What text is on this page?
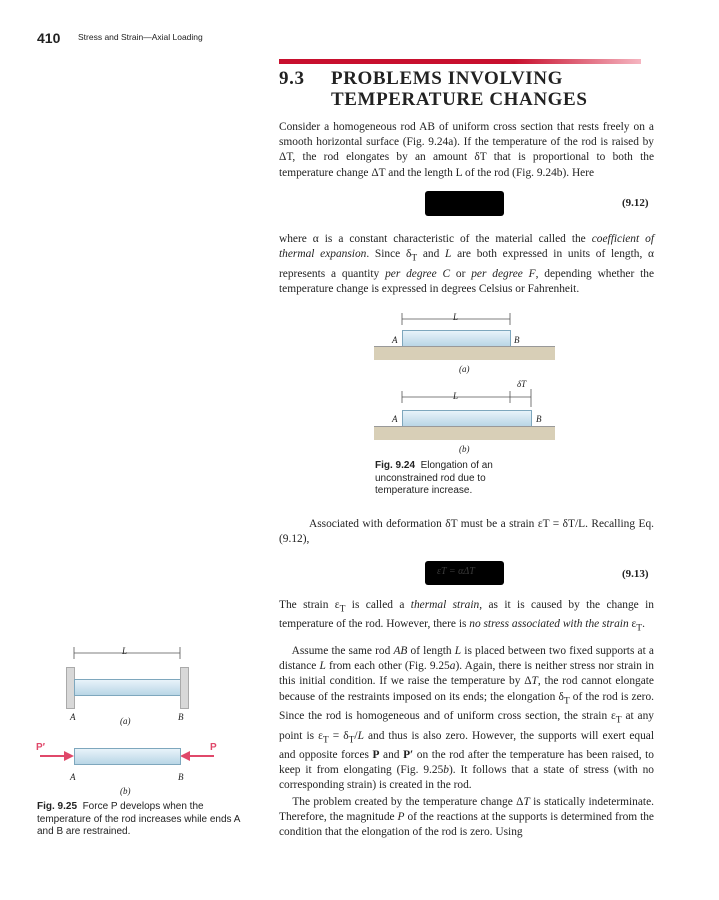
410 Stress and Strain—Axial Loading
9.3 PROBLEMS INVOLVING
TEMPERATURE CHANGES
Consider a homogeneous rod AB of uniform cross section that rests freely on a smooth horizontal surface (Fig. 9.24a). If the temperature of the rod is raised by ΔT, the rod elongates by an amount δT that is proportional to both the temperature change ΔT and the length L of the rod (Fig. 9.24b). Here
(9.12)
where α is a constant characteristic of the material called the coefficient of thermal expansion. Since $\delta_T$ and L are both expressed in units of length, α represents a quantity per degree C or per degree F, depending whether the temperature change is expressed in degrees Celsius or Fahrenheit.
L
A	B
(a)
δT
L
A	B
(b)
Fig. 9.24 Elongation of an unconstrained rod due to temperature increase.
Associated with deformation δT must be a strain εT = δT/L. Recalling Eq. (9.12),
εT = αΔT	(9.13)
The strain $\varepsilon_T$ is called a thermal strain, as it is caused by the change in temperature of the rod. However, there is no stress associated with the strain $\varepsilon_T$.
Assume the same rod AB of length L is placed between two fixed supports at a distance L from each other (Fig. 9.25a). Again, there is neither stress nor strain in this initial condition. If we raise the temperature by ΔT, the rod cannot elongate because of the restraints imposed on its ends; the elongation $\delta_T$ of the rod is zero. Since the rod is homogeneous and of uniform cross section, the strain $\varepsilon_T$ at any point is $\varepsilon_T = \delta_T/L$ and thus is also zero. However, the supports will exert equal and opposite forces P and P′ on the rod after the temperature has been raised, to keep it from elongating (Fig. 9.25b). It follows that a state of stress (with no corresponding strain) is created in the rod.
The problem created by the temperature change ΔT is statically indeterminate. Therefore, the magnitude P of the reactions at the supports is determined from the condition that the elongation of the rod is zero. Using
L
A	B
(a)
P′	P
A	B
(b)
Fig. 9.25 Force P develops when the temperature of the rod increases while ends A and B are restrained.
